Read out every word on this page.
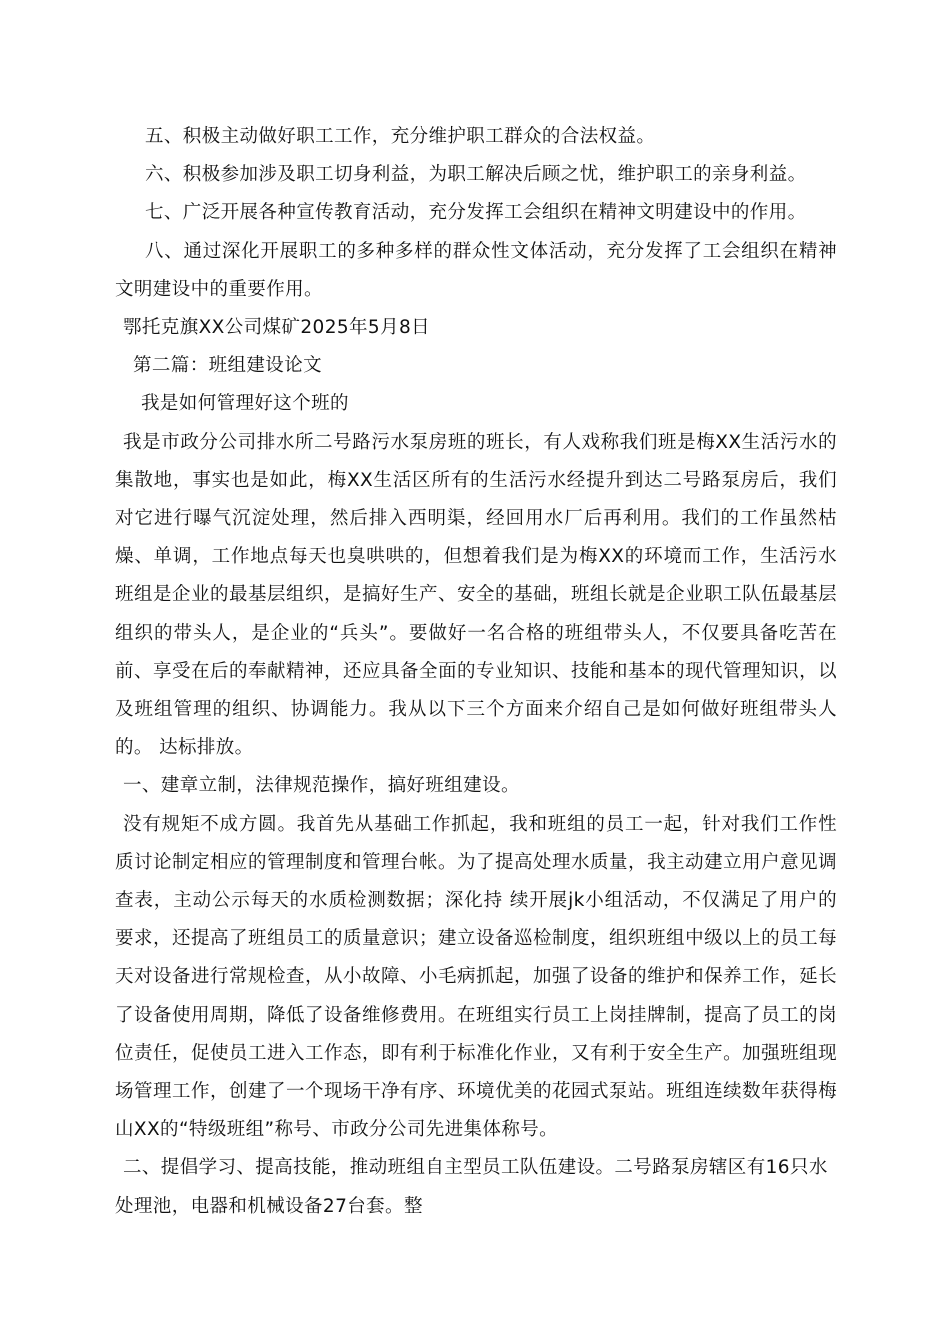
五、积极主动做好职工工作，充分维护职工群众的合法权益。

六、积极参加涉及职工切身利益，为职工解决后顾之忧，维护职工的亲身利益。

七、广泛开展各种宣传教育活动，充分发挥工会组织在精神文明建设中的作用。

八、通过深化开展职工的多种多样的群众性文体活动，充分发挥了工会组织在精神文明建设中的重要作用。

鄂托克旗XX公司煤矿2025年5月8日

第二篇：班组建设论文

我是如何管理好这个班的

我是市政分公司排水所二号路污水泵房班的班长，有人戏称我们班是梅XX生活污水的集散地，事实也是如此，梅XX生活区所有的生活污水经提升到达二号路泵房后，我们对它进行曝气沉淀处理，然后排入西明渠，经回用水厂后再利用。我们的工作虽然枯燥、单调，工作地点每天也臭哄哄的，但想着我们是为梅XX的环境而工作，生活污水班组是企业的最基层组织，是搞好生产、安全的基础，班组长就是企业职工队伍最基层组织的带头人，是企业的“兵头”。要做好一名合格的班组带头人，不仅要具备吃苦在前、享受在后的奉献精神，还应具备全面的专业知识、技能和基本的现代管理知识，以及班组管理的组织、协调能力。我从以下三个方面来介绍自己是如何做好班组带头人的。 达标排放。

一、建章立制，法律规范操作，搞好班组建设。

没有规矩不成方圆。我首先从基础工作抓起，我和班组的员工一起，针对我们工作性质讨论制定相应的管理制度和管理台帐。为了提高处理水质量，我主动建立用户意见调查表，主动公示每天的水质检测数据；深化持 续开展jk小组活动，不仅满足了用户的要求，还提高了班组员工的质量意识；建立设备巡检制度，组织班组中级以上的员工每天对设备进行常规检查，从小故障、小毛病抓起，加强了设备的维护和保养工作，延长了设备使用周期，降低了设备维修费用。在班组实行员工上岗挂牌制，提高了员工的岗位责任，促使员工进入工作态，即有利于标准化作业，又有利于安全生产。加强班组现场管理工作，创建了一个现场干净有序、环境优美的花园式泵站。班组连续数年获得梅山XX的“特级班组”称号、市政分公司先进集体称号。

二、提倡学习、提高技能，推动班组自主型员工队伍建设。二号路泵房辖区有16只水处理池，电器和机械设备27台套。整
